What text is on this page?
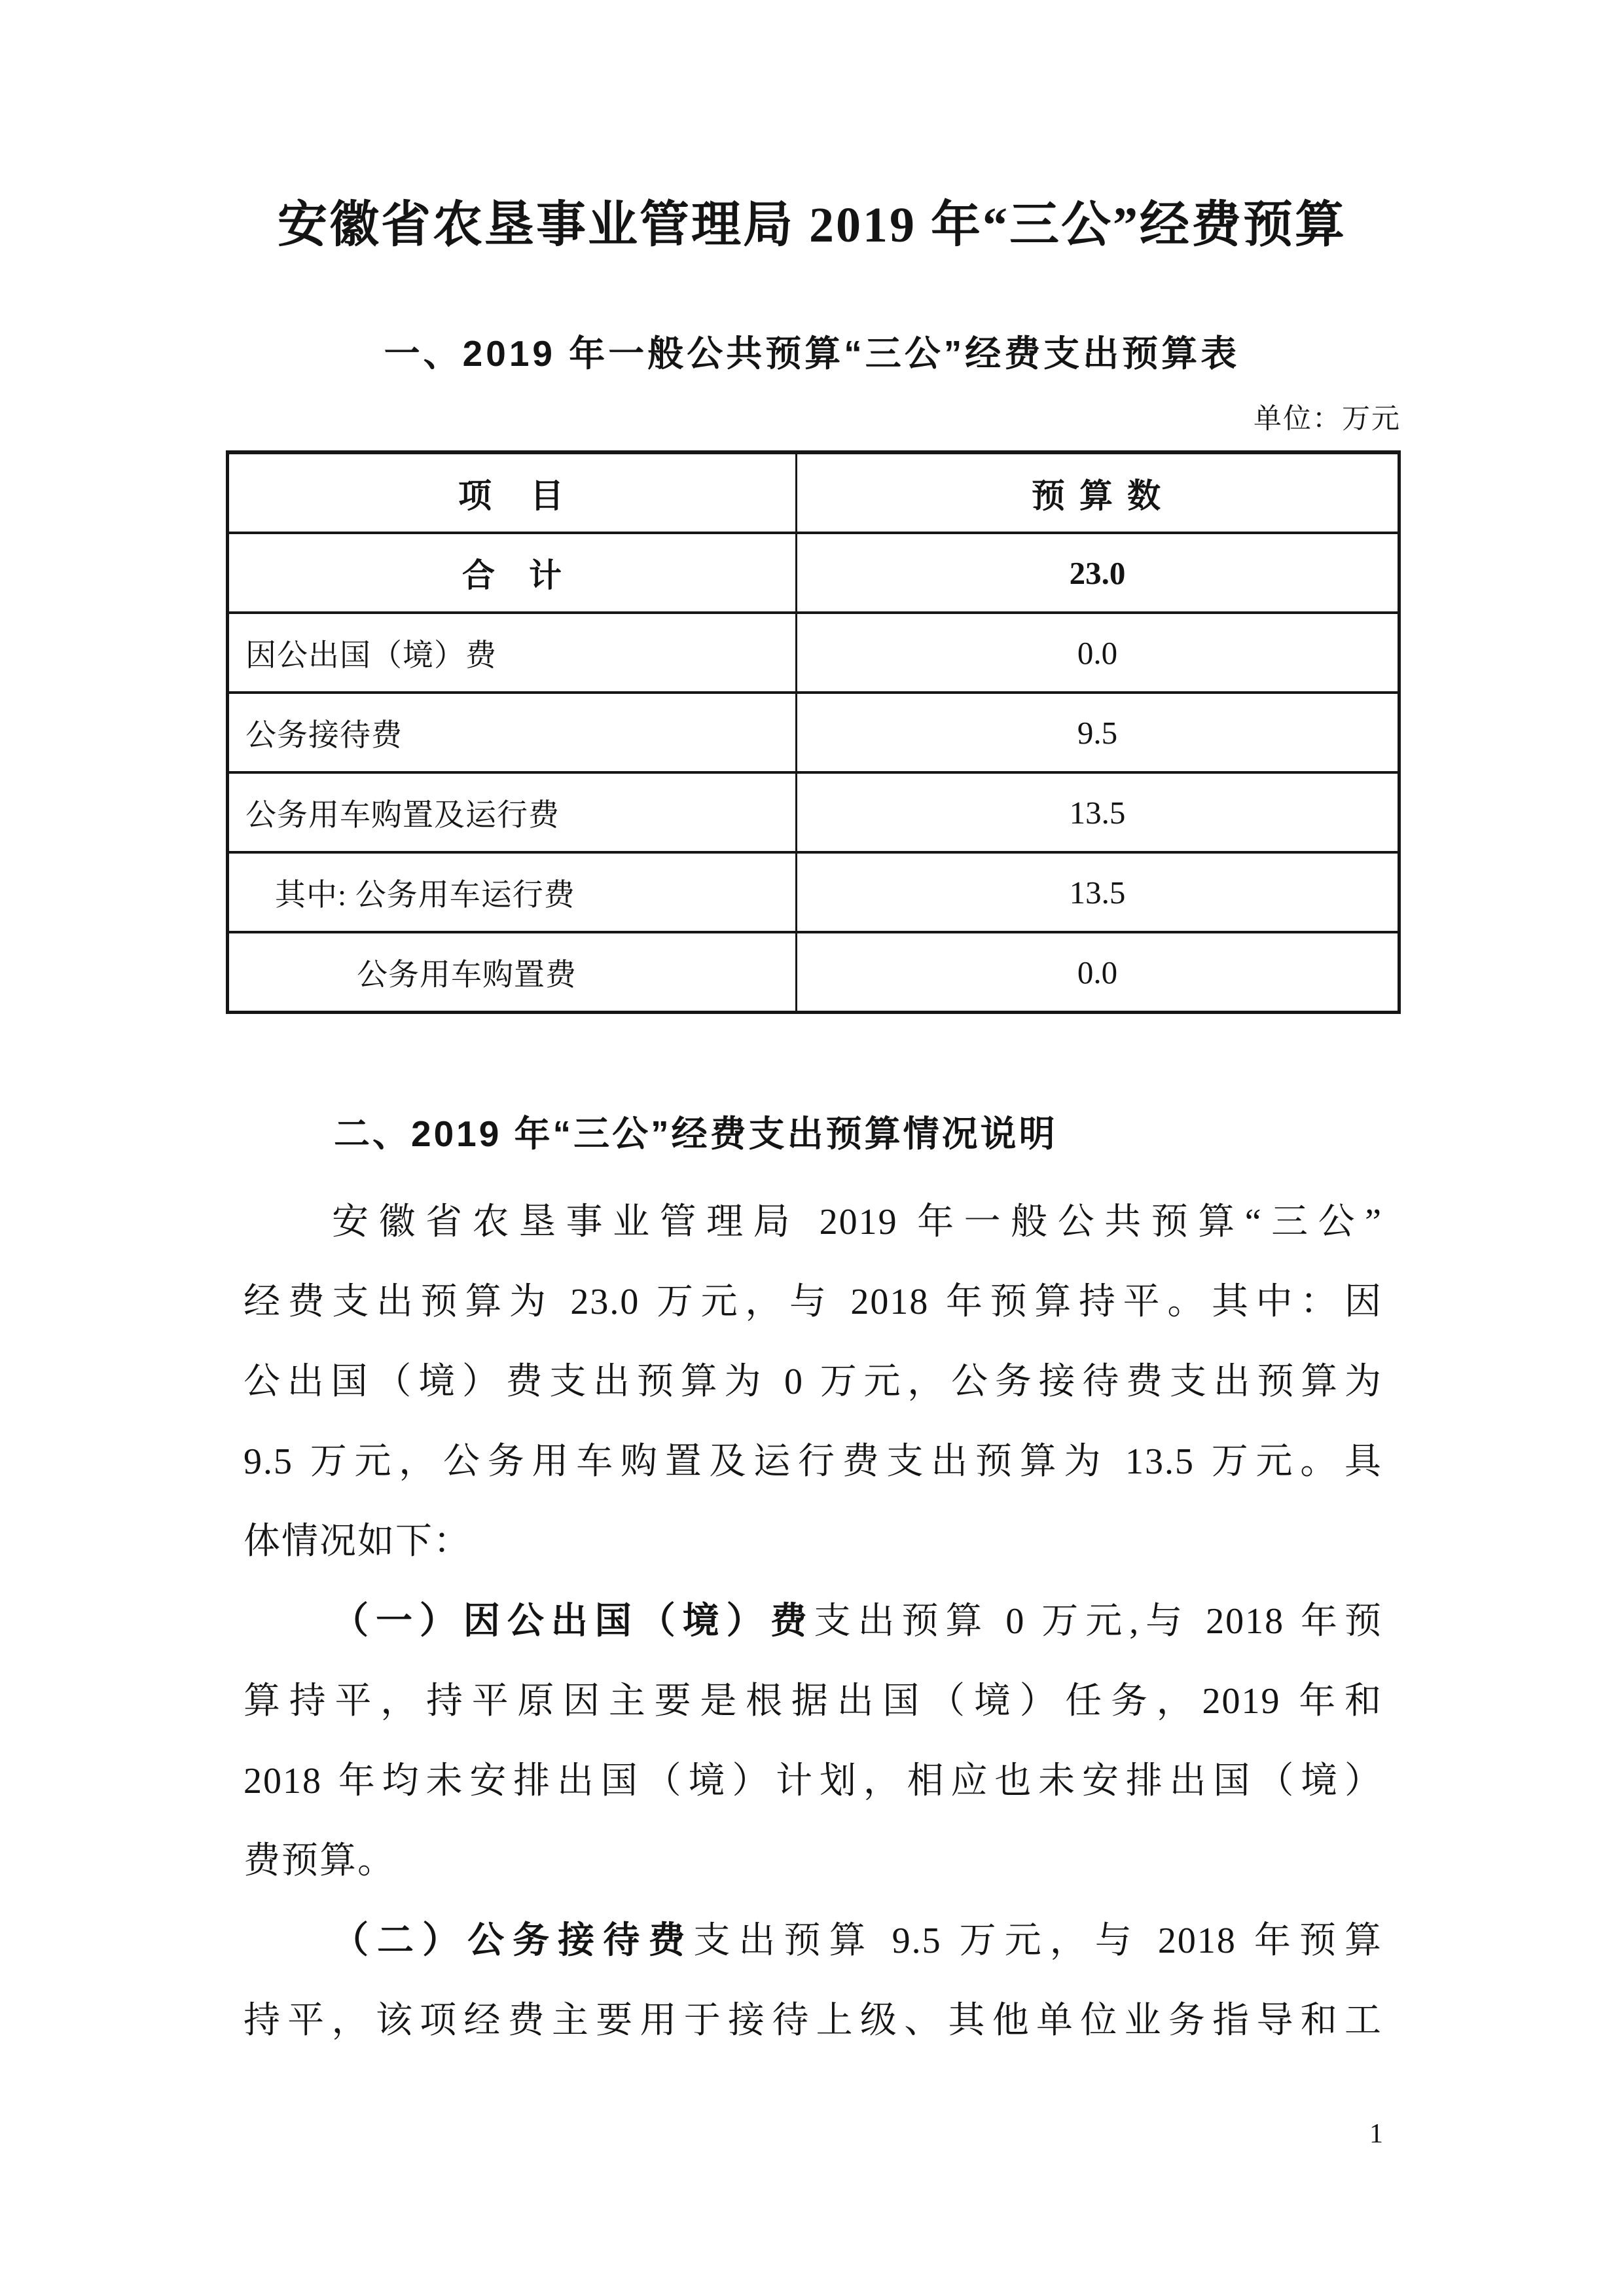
安徽省农垦事业管理局 2019 年“三公”经费预算
一、2019 年一般公共预算“三公”经费支出预算表
单位：万元
项　目	预 算 数
合　计	23.0
因公出国（境）费	0.0
公务接待费	9.5
公务用车购置及运行费	13.5
其中: 公务用车运行费	13.5
公务用车购置费	0.0
二、2019 年“三公”经费支出预算情况说明
安徽省农垦事业管理局 2019 年一般公共预算“三公”
经费支出预算为 23.0 万元，与 2018 年预算持平。其中：因
公出国（境）费支出预算为 0 万元，公务接待费支出预算为
9.5 万元，公务用车购置及运行费支出预算为 13.5 万元。具
体情况如下：
（一）因公出国（境）费支出预算 0 万元,与 2018 年预
算持平，持平原因主要是根据出国（境）任务，2019 年和
2018 年均未安排出国（境）计划，相应也未安排出国（境）
费预算。
（二）公务接待费支出预算 9.5 万元，与 2018 年预算
持平，该项经费主要用于接待上级、其他单位业务指导和工
1
